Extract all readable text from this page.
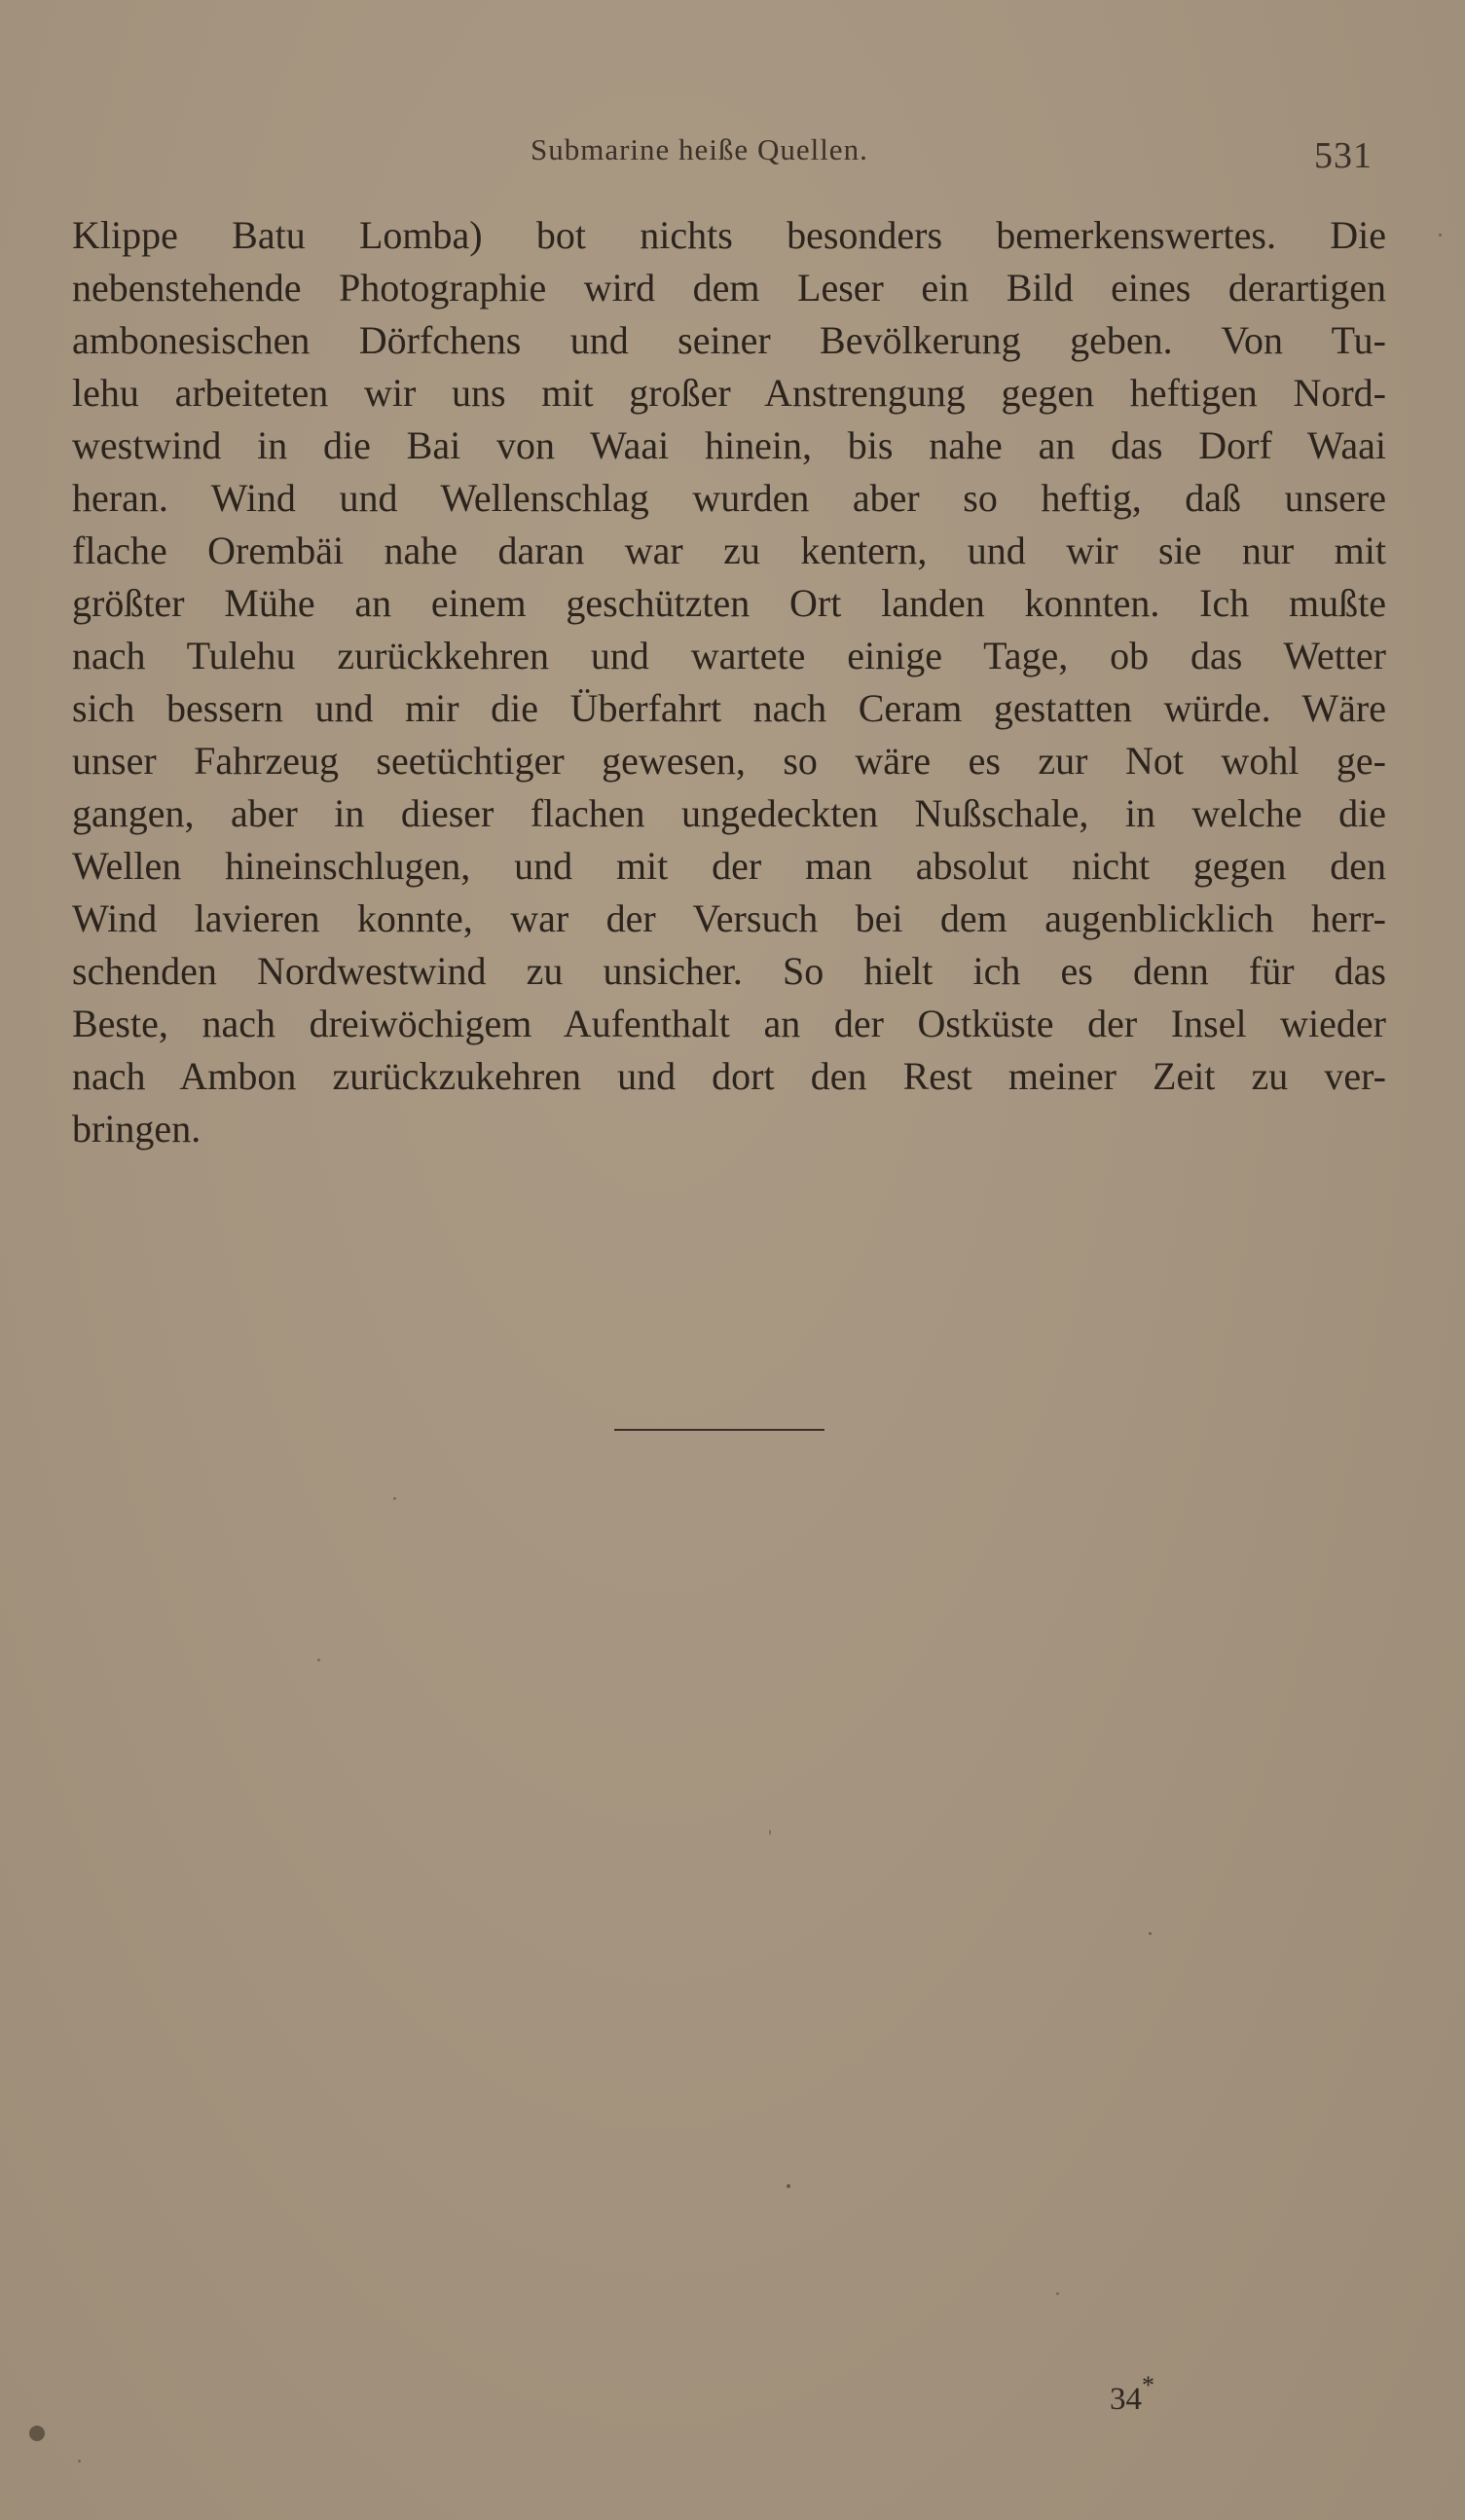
Submarine heiße Quellen.	531
Klippe Batu Lomba) bot nichts besonders bemerkenswertes. Die
nebenstehende Photographie wird dem Leser ein Bild eines derartigen
ambonesischen Dörfchens und seiner Bevölkerung geben. Von Tu-
lehu arbeiteten wir uns mit großer Anstrengung gegen heftigen Nord-
westwind in die Bai von Waai hinein, bis nahe an das Dorf Waai
heran. Wind und Wellenschlag wurden aber so heftig, daß unsere
flache Orembäi nahe daran war zu kentern, und wir sie nur mit
größter Mühe an einem geschützten Ort landen konnten. Ich mußte
nach Tulehu zurückkehren und wartete einige Tage, ob das Wetter
sich bessern und mir die Überfahrt nach Ceram gestatten würde. Wäre
unser Fahrzeug seetüchtiger gewesen, so wäre es zur Not wohl ge-
gangen, aber in dieser flachen ungedeckten Nußschale, in welche die
Wellen hineinschlugen, und mit der man absolut nicht gegen den
Wind lavieren konnte, war der Versuch bei dem augenblicklich herr-
schenden Nordwestwind zu unsicher. So hielt ich es denn für das
Beste, nach dreiwöchigem Aufenthalt an der Ostküste der Insel wieder
nach Ambon zurückzukehren und dort den Rest meiner Zeit zu ver-
bringen.
34*
